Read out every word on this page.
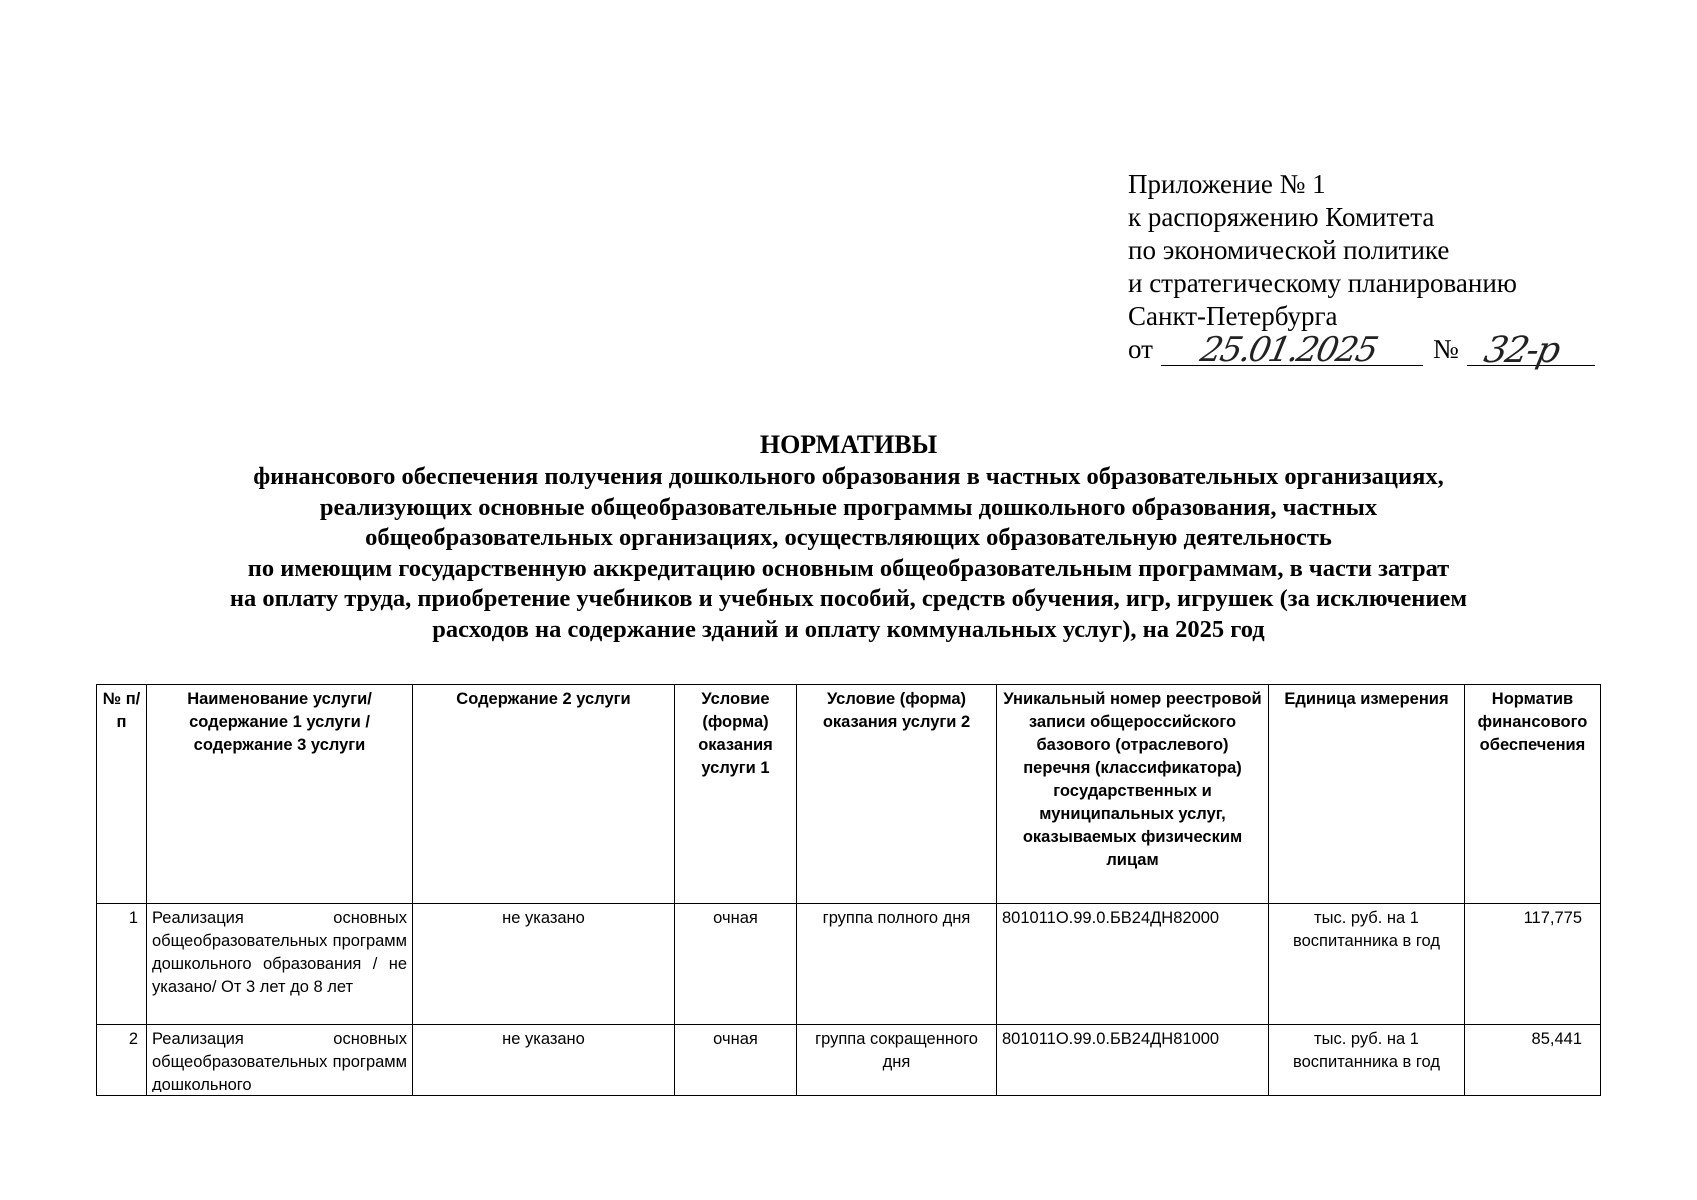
Приложение № 1
к распоряжению Комитета
по экономической политике
и стратегическому планированию
Санкт-Петербурга
от 25.01.2025 № 32-р
НОРМАТИВЫ
финансового обеспечения получения дошкольного образования в частных образовательных организациях,
реализующих основные общеобразовательные программы дошкольного образования, частных
общеобразовательных организациях, осуществляющих образовательную деятельность
по имеющим государственную аккредитацию основным общеобразовательным программам, в части затрат
на оплату труда, приобретение учебников и учебных пособий, средств обучения, игр, игрушек (за исключением
расходов на содержание зданий и оплату коммунальных услуг), на 2025 год
№ п/п	Наименование услуги/ содержание 1 услуги / содержание 3 услуги	Содержание 2 услуги	Условие (форма) оказания услуги 1	Условие (форма) оказания услуги 2	Уникальный номер реестровой записи общероссийского базового (отраслевого) перечня (классификатора) государственных и муниципальных услуг, оказываемых физическим лицам	Единица измерения	Норматив финансового обеспечения
1	Реализация основных общеобразовательных программ дошкольного образования / не указано/ От 3 лет до 8 лет	не указано	очная	группа полного дня	801011О.99.0.БВ24ДН82000	тыс. руб. на 1 воспитанника в год	117,775
2	Реализация основных общеобразовательных программ дошкольного	не указано	очная	группа сокращенного дня	801011О.99.0.БВ24ДН81000	тыс. руб. на 1 воспитанника в год	85,441
